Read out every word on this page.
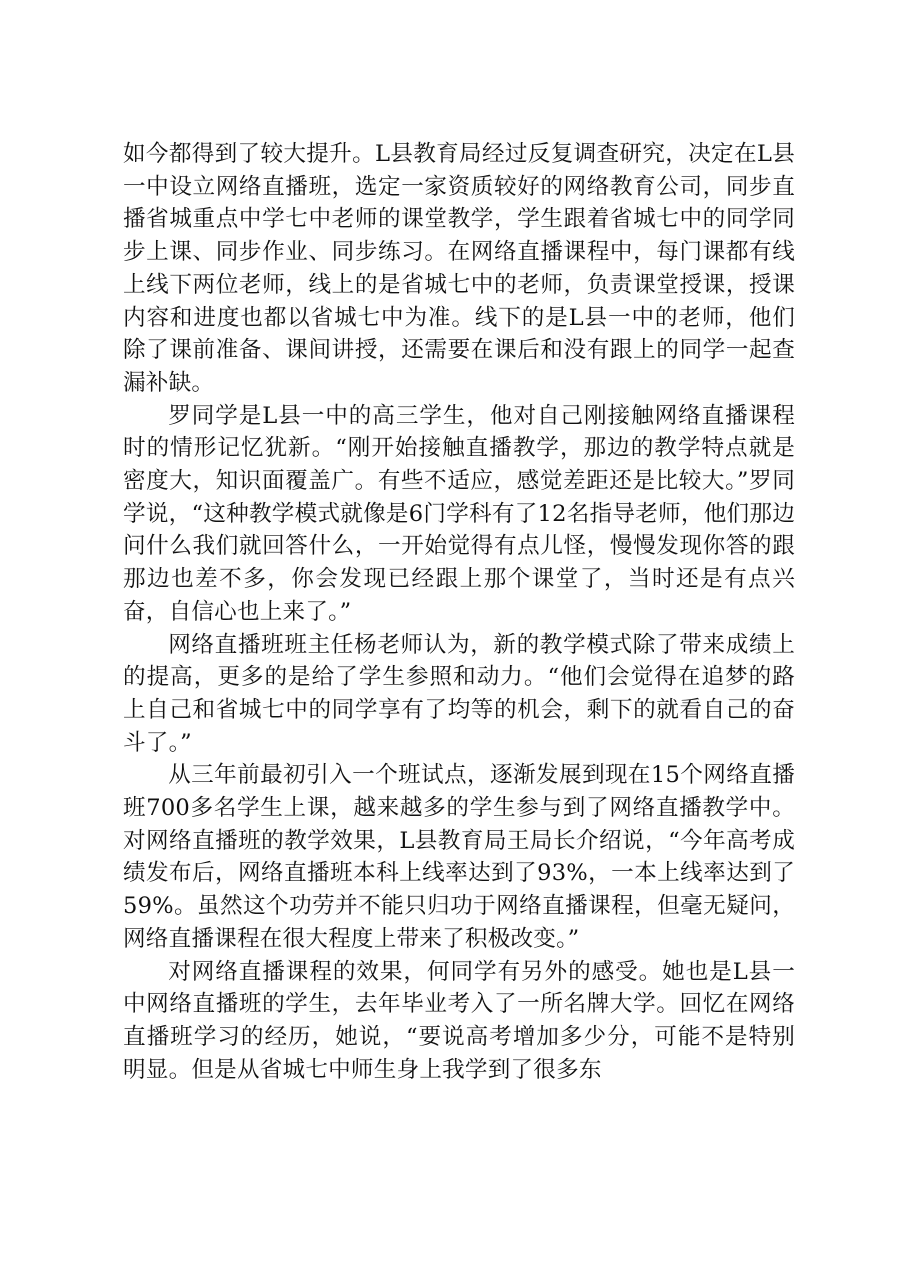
如今都得到了较大提升。L县教育局经过反复调查研究，决定在L县一中设立网络直播班，选定一家资质较好的网络教育公司，同步直播省城重点中学七中老师的课堂教学，学生跟着省城七中的同学同步上课、同步作业、同步练习。在网络直播课程中，每门课都有线上线下两位老师，线上的是省城七中的老师，负责课堂授课，授课内容和进度也都以省城七中为准。线下的是L县一中的老师，他们除了课前准备、课间讲授，还需要在课后和没有跟上的同学一起查漏补缺。

罗同学是L县一中的高三学生，他对自己刚接触网络直播课程时的情形记忆犹新。“刚开始接触直播教学，那边的教学特点就是密度大，知识面覆盖广。有些不适应，感觉差距还是比较大。”罗同学说，“这种教学模式就像是6门学科有了12名指导老师，他们那边问什么我们就回答什么，一开始觉得有点儿怪，慢慢发现你答的跟那边也差不多，你会发现已经跟上那个课堂了，当时还是有点兴奋，自信心也上来了。”

网络直播班班主任杨老师认为，新的教学模式除了带来成绩上的提高，更多的是给了学生参照和动力。“他们会觉得在追梦的路上自己和省城七中的同学享有了均等的机会，剩下的就看自己的奋斗了。”

从三年前最初引入一个班试点，逐渐发展到现在15个网络直播班700多名学生上课，越来越多的学生参与到了网络直播教学中。对网络直播班的教学效果，L县教育局王局长介绍说，“今年高考成绩发布后，网络直播班本科上线率达到了93%，一本上线率达到了59%。虽然这个功劳并不能只归功于网络直播课程，但毫无疑问，网络直播课程在很大程度上带来了积极改变。”

对网络直播课程的效果，何同学有另外的感受。她也是L县一中网络直播班的学生，去年毕业考入了一所名牌大学。回忆在网络直播班学习的经历，她说，“要说高考增加多少分，可能不是特别明显。但是从省城七中师生身上我学到了很多东
